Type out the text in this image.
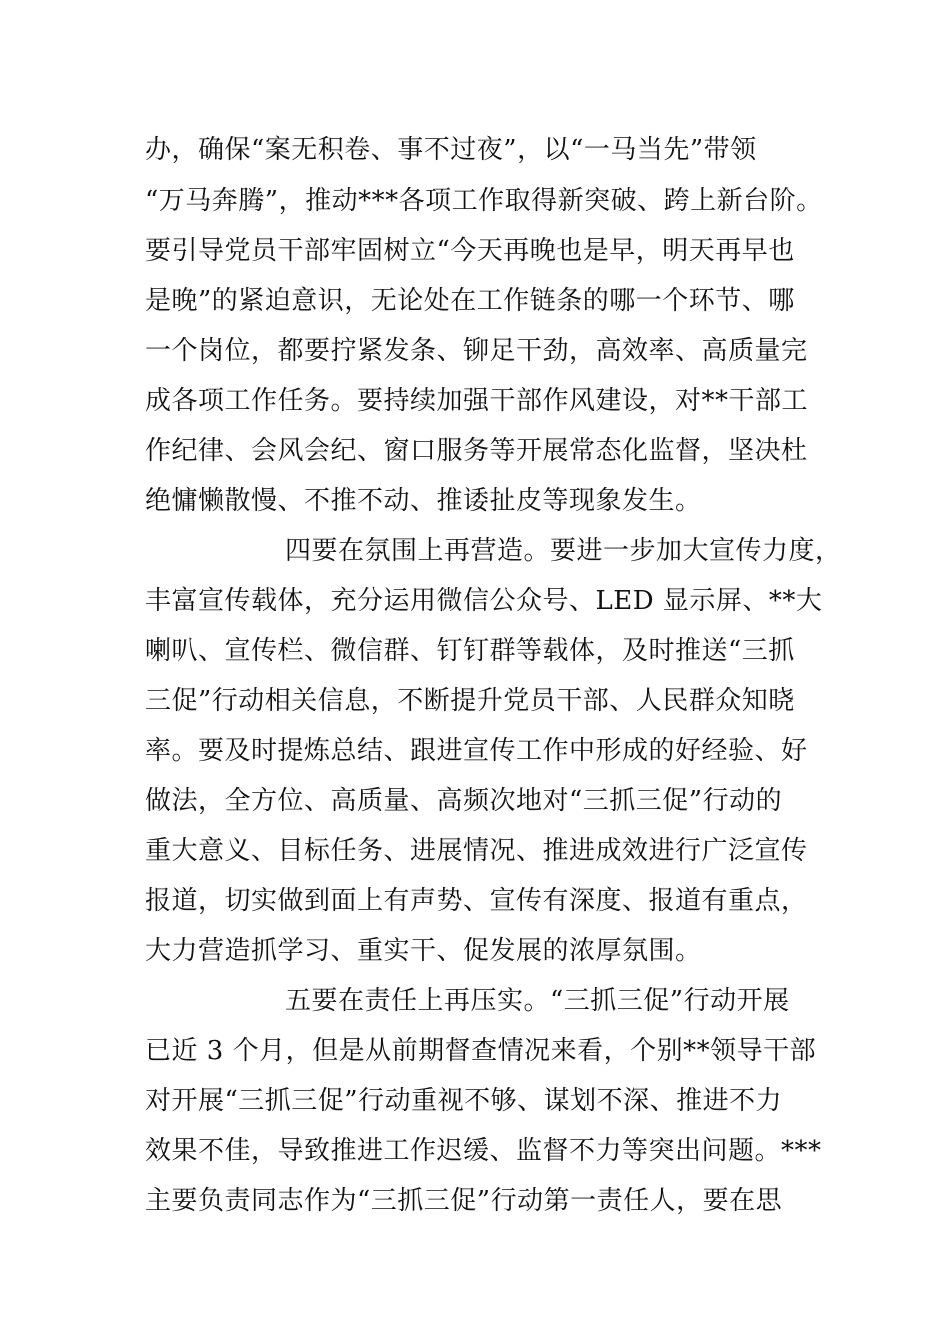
办，确保“案无积卷、事不过夜”，以“一马当先”带领
“万马奔腾”，推动***各项工作取得新突破、跨上新台阶。
要引导党员干部牢固树立“今天再晚也是早，明天再早也
是晚”的紧迫意识，无论处在工作链条的哪一个环节、哪
一个岗位，都要拧紧发条、铆足干劲，高效率、高质量完
成各项工作任务。要持续加强干部作风建设，对**干部工
作纪律、会风会纪、窗口服务等开展常态化监督，坚决杜
绝慵懒散慢、不推不动、推诿扯皮等现象发生。
四要在氛围上再营造。要进一步加大宣传力度，
丰富宣传载体，充分运用微信公众号、LED 显示屏、**大
喇叭、宣传栏、微信群、钉钉群等载体，及时推送“三抓
三促”行动相关信息，不断提升党员干部、人民群众知晓
率。要及时提炼总结、跟进宣传工作中形成的好经验、好
做法，全方位、高质量、高频次地对“三抓三促”行动的
重大意义、目标任务、进展情况、推进成效进行广泛宣传
报道，切实做到面上有声势、宣传有深度、报道有重点，
大力营造抓学习、重实干、促发展的浓厚氛围。
五要在责任上再压实。“三抓三促”行动开展
已近 3 个月，但是从前期督查情况来看，个别**领导干部
对开展“三抓三促”行动重视不够、谋划不深、推进不力
效果不佳，导致推进工作迟缓、监督不力等突出问题。***
主要负责同志作为“三抓三促”行动第一责任人，要在思
